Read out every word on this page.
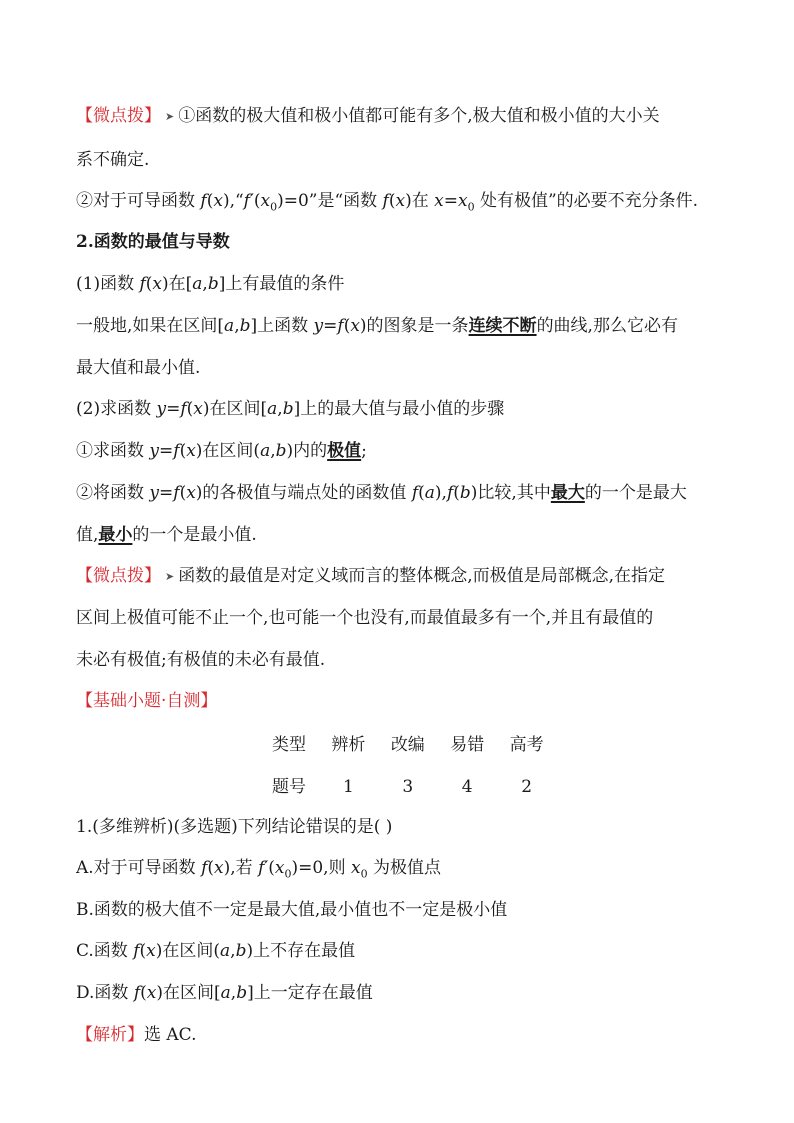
【微点拨】 ➤ ①函数的极大值和极小值都可能有多个,极大值和极小值的大小关
系不确定.
②对于可导函数 $f(x),“f'(x_0)=0$”是“函数 f(x)在 $x=x_0$ 处有极值”的必要不充分条件.
2.函数的最值与导数
(1)函数 f(x)在[a,b]上有最值的条件
一般地,如果在区间[a,b]上函数 y=f(x)的图象是一条连续不断的曲线,那么它必有
最大值和最小值.
(2)求函数 y=f(x)在区间[a,b]上的最大值与最小值的步骤
①求函数 y=f(x)在区间(a,b)内的极值;
②将函数 y=f(x)的各极值与端点处的函数值 f(a),f(b)比较,其中最大的一个是最大
值,最小的一个是最小值.
【微点拨】 ➤ 函数的最值是对定义域而言的整体概念,而极值是局部概念,在指定
区间上极值可能不止一个,也可能一个也没有,而最值最多有一个,并且有最值的
未必有极值;有极值的未必有最值.
【基础小题·自测】
类型 辨析 改编 易错 高考
题号 1	3	4	2
1.(多维辨析)(多选题)下列结论错误的是( )
A.对于可导函数 f(x),若 $f'(x_0)=0$,则 $x_0$ 为极值点
B.函数的极大值不一定是最大值,最小值也不一定是极小值
C.函数 f(x)在区间(a,b)上不存在最值
D.函数 f(x)在区间[a,b]上一定存在最值
【解析】选 AC.
